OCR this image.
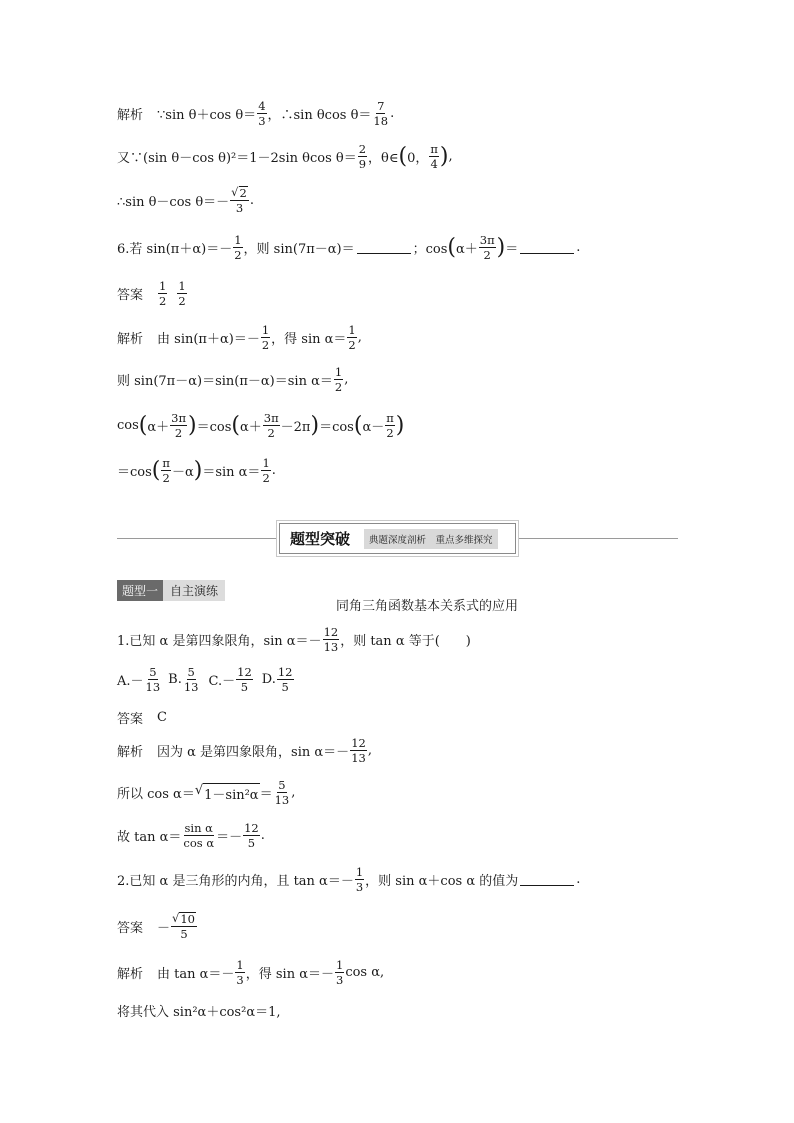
解析 ∵sin θ＋cos $\theta= \frac{4}{3}$ ，∴sin θcos $\theta= \frac{7}{18}$ .
又∵(sin θ－cos θ)²＝1－2sin θcos $\theta= \frac{2}{9}$ ，θ∈ ( 0， $\frac{\pi}{4}$ ) ,
∴sin θ－cos $\theta=- \frac{√ 2}{3}$ .
6.若 $\sin(\pi+\alpha)=- \frac{1}{2}$ ，则 sin(7π－α)＝	；cos ( $\alpha+ \frac{3\pi}{2}$ ) ＝	.
答案 $\frac{1}{2} \frac{1}{2}$
解析 由 $\sin(\pi+\alpha)=- \frac{1}{2}$ ，得 $\sin \alpha= \frac{1}{2}$ ,
则 sin(7π－α)＝sin(π－α)＝sin $\alpha= \frac{1}{2}$ ,
cos ( $\alpha+ \frac{3\pi}{2}$ ) ＝cos ( $\alpha+ \frac{3\pi}{2} -2\pi$ ) ＝cos ( $\alpha- \frac{\pi}{2}$ )
＝cos ( $\frac{\pi}{2} -\alpha$ ) ＝sin $\alpha= \frac{1}{2}$ .
题型突破	典题深度剖析　重点多维探究
题型一	自主演练
同角三角函数基本关系式的应用
1.已知 α 是第四象限角，$\sin \alpha=- \frac{12}{13}$ ，则 tan α 等于(　　)
$A.- \frac{5}{13} B$. $\frac{5}{13} C.- \frac{12}{5} D$. $\frac{12}{5}$
答案 C
解析 因为 α 是第四象限角，$\sin \alpha=- \frac{12}{13}$ ,
所以 cos α＝ √ $1-\sin^2\alpha = \frac{5}{13}$ ,
故 $\tan \alpha= \frac{\text{sin α}}{\text{cos α}} =- \frac{12}{5}$ .
2.已知 α 是三角形的内角，且 $\tan \alpha=- \frac{1}{3}$ ，则 sin α＋cos α 的值为	.
答案 － $\frac{√ 10}{5}$
解析 由 $\tan \alpha=- \frac{1}{3}$ ，得 $\sin \alpha=- \frac{1}{3}$ cos α,
将其代入 sin²α＋cos²α＝1,
